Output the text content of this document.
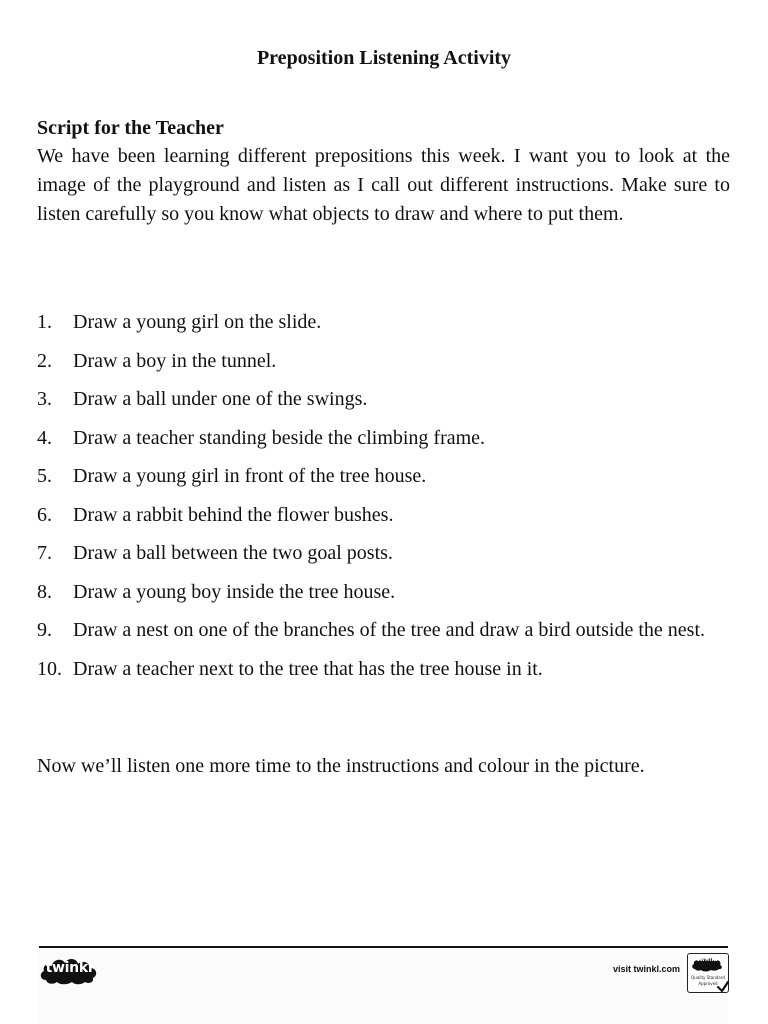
Preposition Listening Activity
Script for the Teacher

We have been learning different prepositions this week. I want you to look at the image of the playground and listen as I call out different instructions. Make sure to listen carefully so you know what objects to draw and where to put them.

1.	Draw a young girl on the slide.
2.	Draw a boy in the tunnel.
3.	Draw a ball under one of the swings.
4.	Draw a teacher standing beside the climbing frame.
5.	Draw a young girl in front of the tree house.
6.	Draw a rabbit behind the flower bushes.
7.	Draw a ball between the two goal posts.
8.	Draw a young boy inside the tree house.
9.	Draw a nest on one of the branches of the tree and draw a bird outside the nest.
10. Draw a teacher next to the tree that has the tree house in it.

Now we’ll listen one more time to the instructions and colour in the picture.

twinkl	visit twinkl.com
twinkl
Quality Standard
Approved
